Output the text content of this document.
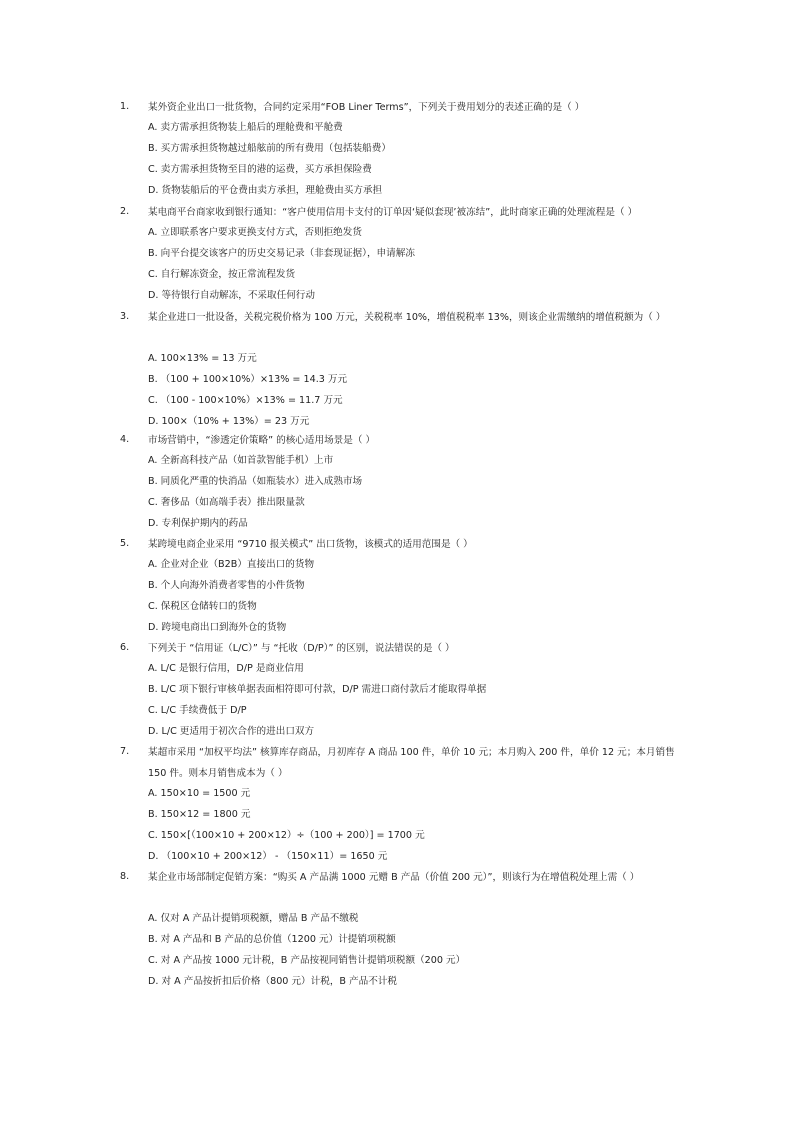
1. 某外资企业出口一批货物，合同约定采用“FOB Liner Terms”，下列关于费用划分的表述正确的是（ ）
A. 卖方需承担货物装上船后的理舱费和平舱费
B. 买方需承担货物越过船舷前的所有费用（包括装船费）
C. 卖方需承担货物至目的港的运费，买方承担保险费
D. 货物装船后的平仓费由卖方承担，理舱费由买方承担
2. 某电商平台商家收到银行通知：“客户使用信用卡支付的订单因‘疑似套现’被冻结”，此时商家正确的处理流程是（ ）
A. 立即联系客户要求更换支付方式，否则拒绝发货
B. 向平台提交该客户的历史交易记录（非套现证据），申请解冻
C. 自行解冻资金，按正常流程发货
D. 等待银行自动解冻，不采取任何行动
3. 某企业进口一批设备，关税完税价格为 100 万元，关税税率 10%，增值税税率 13%，则该企业需缴纳的增值税额为（ ）
A. 100×13% = 13 万元
B. （100 + 100×10%）×13% = 14.3 万元
C. （100 - 100×10%）×13% = 11.7 万元
D. 100×（10% + 13%）= 23 万元
4. 市场营销中，“渗透定价策略” 的核心适用场景是（ ）
A. 全新高科技产品（如首款智能手机）上市
B. 同质化严重的快消品（如瓶装水）进入成熟市场
C. 奢侈品（如高端手表）推出限量款
D. 专利保护期内的药品
5. 某跨境电商企业采用 “9710 报关模式” 出口货物，该模式的适用范围是（ ）
A. 企业对企业（B2B）直接出口的货物
B. 个人向海外消费者零售的小件货物
C. 保税区仓储转口的货物
D. 跨境电商出口到海外仓的货物
6. 下列关于 “信用证（L/C）” 与 “托收（D/P）” 的区别，说法错误的是（ ）
A. L/C 是银行信用，D/P 是商业信用
B. L/C 项下银行审核单据表面相符即可付款，D/P 需进口商付款后才能取得单据
C. L/C 手续费低于 D/P
D. L/C 更适用于初次合作的进出口双方
7. 某超市采用 “加权平均法” 核算库存商品，月初库存 A 商品 100 件，单价 10 元；本月购入 200 件，单价 12 元；本月销售 150 件。则本月销售成本为（ ）
A. 150×10 = 1500 元
B. 150×12 = 1800 元
C. 150×[（100×10 + 200×12）÷（100 + 200）] = 1700 元
D. （100×10 + 200×12） - （150×11）= 1650 元
8. 某企业市场部制定促销方案：“购买 A 产品满 1000 元赠 B 产品（价值 200 元）”，则该行为在增值税处理上需（ ）
A. 仅对 A 产品计提销项税额，赠品 B 产品不缴税
B. 对 A 产品和 B 产品的总价值（1200 元）计提销项税额
C. 对 A 产品按 1000 元计税，B 产品按视同销售计提销项税额（200 元）
D. 对 A 产品按折扣后价格（800 元）计税，B 产品不计税
